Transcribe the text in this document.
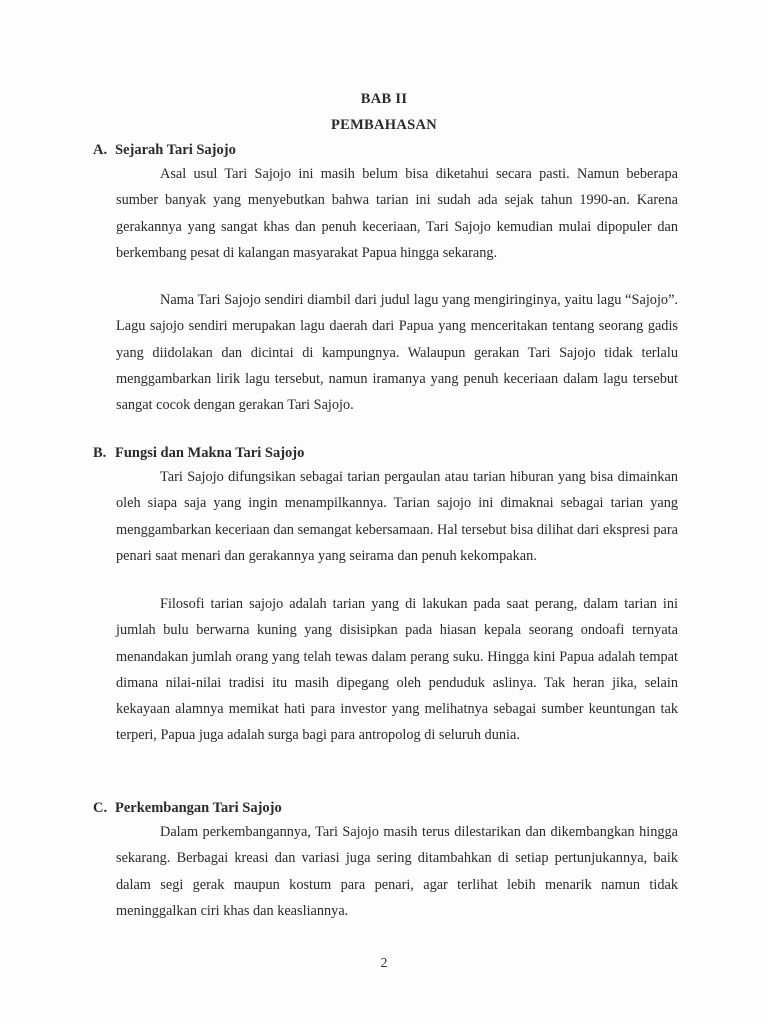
BAB II
PEMBAHASAN
A. Sejarah Tari Sajojo

Asal usul Tari Sajojo ini masih belum bisa diketahui secara pasti. Namun beberapa sumber banyak yang menyebutkan bahwa tarian ini sudah ada sejak tahun 1990-an. Karena gerakannya yang sangat khas dan penuh keceriaan, Tari Sajojo kemudian mulai dipopuler dan berkembang pesat di kalangan masyarakat Papua hingga sekarang.

Nama Tari Sajojo sendiri diambil dari judul lagu yang mengiringinya, yaitu lagu “Sajojo”. Lagu sajojo sendiri merupakan lagu daerah dari Papua yang menceritakan tentang seorang gadis yang diidolakan dan dicintai di kampungnya. Walaupun gerakan Tari Sajojo tidak terlalu menggambarkan lirik lagu tersebut, namun iramanya yang penuh keceriaan dalam lagu tersebut sangat cocok dengan gerakan Tari Sajojo.

B. Fungsi dan Makna Tari Sajojo

Tari Sajojo difungsikan sebagai tarian pergaulan atau tarian hiburan yang bisa dimainkan oleh siapa saja yang ingin menampilkannya. Tarian sajojo ini dimaknai sebagai tarian yang menggambarkan keceriaan dan semangat kebersamaan. Hal tersebut bisa dilihat dari ekspresi para penari saat menari dan gerakannya yang seirama dan penuh kekompakan.

Filosofi tarian sajojo adalah tarian yang di lakukan pada saat perang, dalam tarian ini jumlah bulu berwarna kuning yang disisipkan pada hiasan kepala seorang ondoafi ternyata menandakan jumlah orang yang telah tewas dalam perang suku. Hingga kini Papua adalah tempat dimana nilai-nilai tradisi itu masih dipegang oleh penduduk aslinya. Tak heran jika, selain kekayaan alamnya memikat hati para investor yang melihatnya sebagai sumber keuntungan tak terperi, Papua juga adalah surga bagi para antropolog di seluruh dunia.

C. Perkembangan Tari Sajojo

Dalam perkembangannya, Tari Sajojo masih terus dilestarikan dan dikembangkan hingga sekarang. Berbagai kreasi dan variasi juga sering ditambahkan di setiap pertunjukannya, baik dalam segi gerak maupun kostum para penari, agar terlihat lebih menarik namun tidak meninggalkan ciri khas dan keasliannya.

2
